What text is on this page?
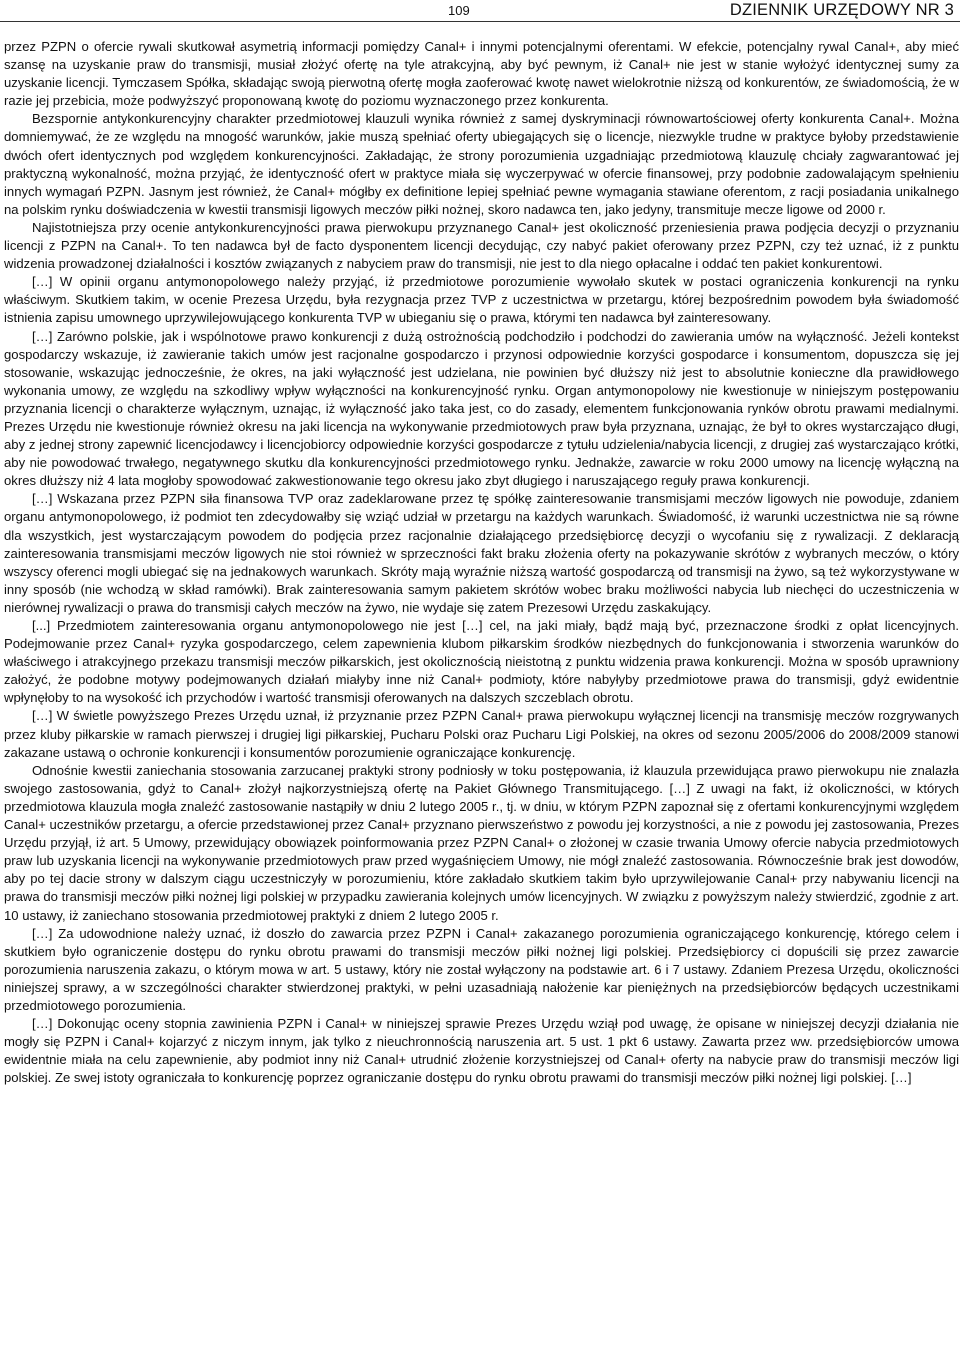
109	DZIENNIK URZĘDOWY NR 3

przez PZPN o ofercie rywali skutkował asymetrią informacji pomiędzy Canal+ i innymi potencjalnymi oferentami. W efekcie, potencjalny rywal Canal+, aby mieć szansę na uzyskanie praw do transmisji, musiał złożyć ofertę na tyle atrakcyjną, aby być pewnym, iż Canal+ nie jest w stanie wyłożyć identycznej sumy za uzyskanie licencji. Tymczasem Spółka, składając swoją pierwotną ofertę mogła zaoferować kwotę nawet wielokrotnie niższą od konkurentów, ze świadomością, że w razie jej przebicia, może podwyższyć proponowaną kwotę do poziomu wyznaczonego przez konkurenta.

Bezspornie antykonkurencyjny charakter przedmiotowej klauzuli wynika również z samej dyskryminacji równowartościowej oferty konkurenta Canal+. Można domniemywać, że ze względu na mnogość warunków, jakie muszą spełniać oferty ubiegających się o licencje, niezwykle trudne w praktyce byłoby przedstawienie dwóch ofert identycznych pod względem konkurencyjności. Zakładając, że strony porozumienia uzgadniając przedmiotową klauzulę chciały zagwarantować jej praktyczną wykonalność, można przyjąć, że identyczność ofert w praktyce miała się wyczerpywać w ofercie finansowej, przy podobnie zadowalającym spełnieniu innych wymagań PZPN. Jasnym jest również, że Canal+ mógłby ex definitione lepiej spełniać pewne wymagania stawiane oferentom, z racji posiadania unikalnego na polskim rynku doświadczenia w kwestii transmisji ligowych meczów piłki nożnej, skoro nadawca ten, jako jedyny, transmituje mecze ligowe od 2000 r.

Najistotniejsza przy ocenie antykonkurencyjności prawa pierwokupu przyznanego Canal+ jest okoliczność przeniesienia prawa podjęcia decyzji o przyznaniu licencji z PZPN na Canal+. To ten nadawca był de facto dysponentem licencji decydując, czy nabyć pakiet oferowany przez PZPN, czy też uznać, iż z punktu widzenia prowadzonej działalności i kosztów związanych z nabyciem praw do transmisji, nie jest to dla niego opłacalne i oddać ten pakiet konkurentowi.

[…] W opinii organu antymonopolowego należy przyjąć, iż przedmiotowe porozumienie wywołało skutek w postaci ograniczenia konkurencji na rynku właściwym. Skutkiem takim, w ocenie Prezesa Urzędu, była rezygnacja przez TVP z uczestnictwa w przetargu, której bezpośrednim powodem była świadomość istnienia zapisu umownego uprzywilejowującego konkurenta TVP w ubieganiu się o prawa, którymi ten nadawca był zainteresowany.

[…] Zarówno polskie, jak i wspólnotowe prawo konkurencji z dużą ostrożnością podchodziło i podchodzi do zawierania umów na wyłączność. Jeżeli kontekst gospodarczy wskazuje, iż zawieranie takich umów jest racjonalne gospodarczo i przynosi odpowiednie korzyści gospodarce i konsumentom, dopuszcza się jej stosowanie, wskazując jednocześnie, że okres, na jaki wyłączność jest udzielana, nie powinien być dłuższy niż jest to absolutnie konieczne dla prawidłowego wykonania umowy, ze względu na szkodliwy wpływ wyłączności na konkurencyjność rynku. Organ antymonopolowy nie kwestionuje w niniejszym postępowaniu przyznania licencji o charakterze wyłącznym, uznając, iż wyłączność jako taka jest, co do zasady, elementem funkcjonowania rynków obrotu prawami medialnymi. Prezes Urzędu nie kwestionuje również okresu na jaki licencja na wykonywanie przedmiotowych praw była przyznana, uznając, że był to okres wystarczająco długi, aby z jednej strony zapewnić licencjodawcy i licencjobiorcy odpowiednie korzyści gospodarcze z tytułu udzielenia/nabycia licencji, z drugiej zaś wystarczająco krótki, aby nie powodować trwałego, negatywnego skutku dla konkurencyjności przedmiotowego rynku. Jednakże, zawarcie w roku 2000 umowy na licencję wyłączną na okres dłuższy niż 4 lata mogłoby spowodować zakwestionowanie tego okresu jako zbyt długiego i naruszającego reguły prawa konkurencji.

[…] Wskazana przez PZPN siła finansowa TVP oraz zadeklarowane przez tę spółkę zainteresowanie transmisjami meczów ligowych nie powoduje, zdaniem organu antymonopolowego, iż podmiot ten zdecydowałby się wziąć udział w przetargu na każdych warunkach. Świadomość, iż warunki uczestnictwa nie są równe dla wszystkich, jest wystarczającym powodem do podjęcia przez racjonalnie działającego przedsiębiorcę decyzji o wycofaniu się z rywalizacji. Z deklaracją zainteresowania transmisjami meczów ligowych nie stoi również w sprzeczności fakt braku złożenia oferty na pokazywanie skrótów z wybranych meczów, o który wszyscy oferenci mogli ubiegać się na jednakowych warunkach. Skróty mają wyraźnie niższą wartość gospodarczą od transmisji na żywo, są też wykorzystywane w inny sposób (nie wchodzą w skład ramówki). Brak zainteresowania samym pakietem skrótów wobec braku możliwości nabycia lub niechęci do uczestniczenia w nierównej rywalizacji o prawa do transmisji całych meczów na żywo, nie wydaje się zatem Prezesowi Urzędu zaskakujący.

[...] Przedmiotem zainteresowania organu antymonopolowego nie jest […] cel, na jaki miały, bądź mają być, przeznaczone środki z opłat licencyjnych. Podejmowanie przez Canal+ ryzyka gospodarczego, celem zapewnienia klubom piłkarskim środków niezbędnych do funkcjonowania i stworzenia warunków do właściwego i atrakcyjnego przekazu transmisji meczów piłkarskich, jest okolicznością nieistotną z punktu widzenia prawa konkurencji. Można w sposób uprawniony założyć, że podobne motywy podejmowanych działań miałyby inne niż Canal+ podmioty, które nabyłyby przedmiotowe prawa do transmisji, gdyż ewidentnie wpłynęłoby to na wysokość ich przychodów i wartość transmisji oferowanych na dalszych szczeblach obrotu.

[…] W świetle powyższego Prezes Urzędu uznał, iż przyznanie przez PZPN Canal+ prawa pierwokupu wyłącznej licencji na transmisję meczów rozgrywanych przez kluby piłkarskie w ramach pierwszej i drugiej ligi piłkarskiej, Pucharu Polski oraz Pucharu Ligi Polskiej, na okres od sezonu 2005/2006 do 2008/2009 stanowi zakazane ustawą o ochronie konkurencji i konsumentów porozumienie ograniczające konkurencję.

Odnośnie kwestii zaniechania stosowania zarzucanej praktyki strony podniosły w toku postępowania, iż klauzula przewidująca prawo pierwokupu nie znalazła swojego zastosowania, gdyż to Canal+ złożył najkorzystniejszą ofertę na Pakiet Głównego Transmitującego. […] Z uwagi na fakt, iż okoliczności, w których przedmiotowa klauzula mogła znaleźć zastosowanie nastąpiły w dniu 2 lutego 2005 r., tj. w dniu, w którym PZPN zapoznał się z ofertami konkurencyjnymi względem Canal+ uczestników przetargu, a ofercie przedstawionej przez Canal+ przyznano pierwszeństwo z powodu jej korzystności, a nie z powodu jej zastosowania, Prezes Urzędu przyjął, iż art. 5 Umowy, przewidujący obowiązek poinformowania przez PZPN Canal+ o złożonej w czasie trwania Umowy ofercie nabycia przedmiotowych praw lub uzyskania licencji na wykonywanie przedmiotowych praw przed wygaśnięciem Umowy, nie mógł znaleźć zastosowania. Równocześnie brak jest dowodów, aby po tej dacie strony w dalszym ciągu uczestniczyły w porozumieniu, które zakładało skutkiem takim było uprzywilejowanie Canal+ przy nabywaniu licencji na prawa do transmisji meczów piłki nożnej ligi polskiej w przypadku zawierania kolejnych umów licencyjnych. W związku z powyższym należy stwierdzić, zgodnie z art. 10 ustawy, iż zaniechano stosowania przedmiotowej praktyki z dniem 2 lutego 2005 r.

[…] Za udowodnione należy uznać, iż doszło do zawarcia przez PZPN i Canal+ zakazanego porozumienia ograniczającego konkurencję, którego celem i skutkiem było ograniczenie dostępu do rynku obrotu prawami do transmisji meczów piłki nożnej ligi polskiej. Przedsiębiorcy ci dopuścili się przez zawarcie porozumienia naruszenia zakazu, o którym mowa w art. 5 ustawy, który nie został wyłączony na podstawie art. 6 i 7 ustawy. Zdaniem Prezesa Urzędu, okoliczności niniejszej sprawy, a w szczególności charakter stwierdzonej praktyki, w pełni uzasadniają nałożenie kar pieniężnych na przedsiębiorców będących uczestnikami przedmiotowego porozumienia.

[…] Dokonując oceny stopnia zawinienia PZPN i Canal+ w niniejszej sprawie Prezes Urzędu wziął pod uwagę, że opisane w niniejszej decyzji działania nie mogły się PZPN i Canal+ kojarzyć z niczym innym, jak tylko z nieuchronnością naruszenia art. 5 ust. 1 pkt 6 ustawy. Zawarta przez ww. przedsiębiorców umowa ewidentnie miała na celu zapewnienie, aby podmiot inny niż Canal+ utrudnić złożenie korzystniejszej od Canal+ oferty na nabycie praw do transmisji meczów ligi polskiej. Ze swej istoty ograniczała to konkurencję poprzez ograniczanie dostępu do rynku obrotu prawami do transmisji meczów piłki nożnej ligi polskiej. […]
